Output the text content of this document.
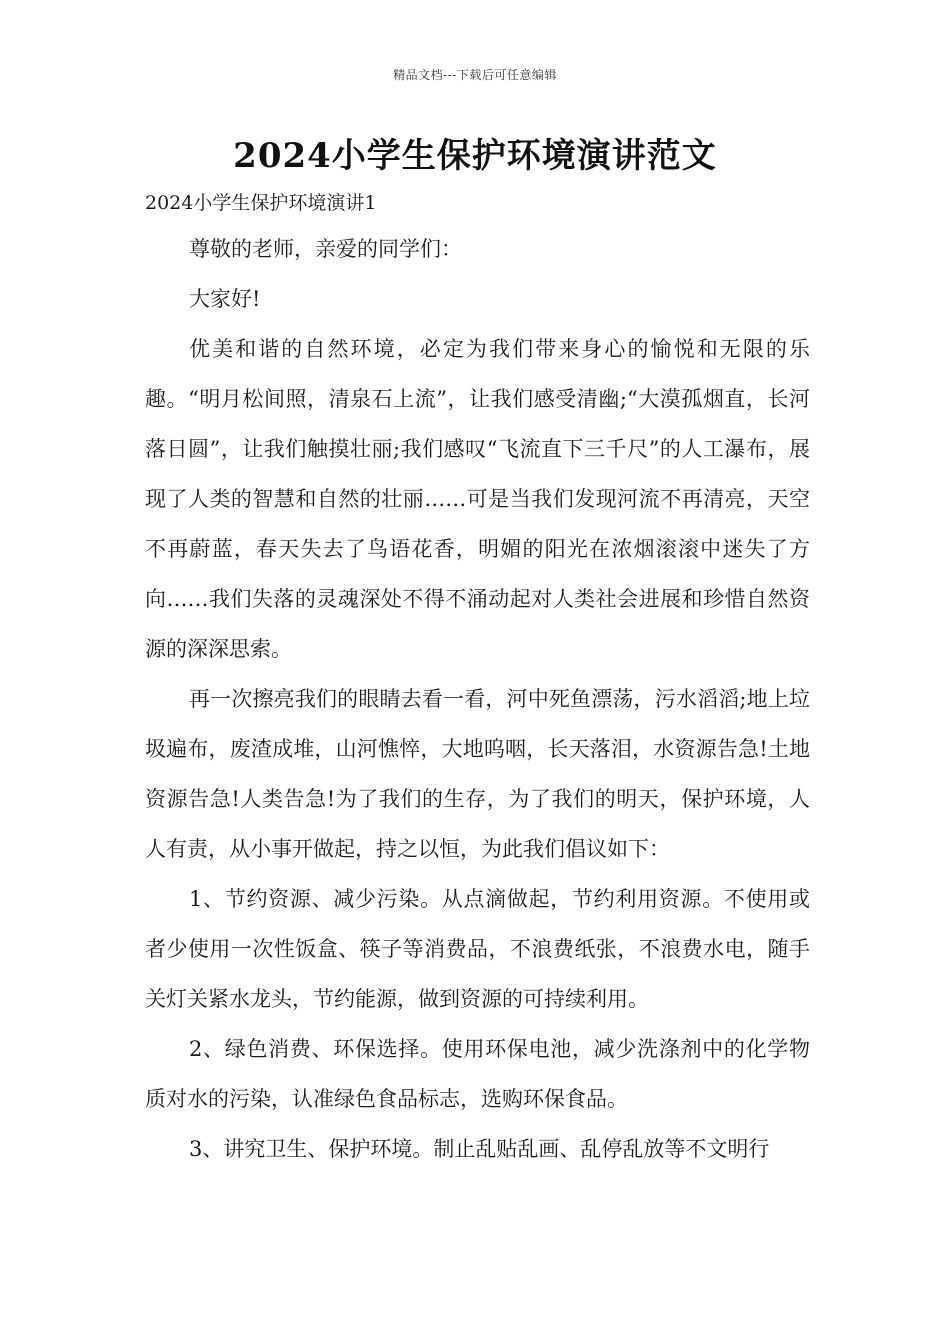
精品文档---下载后可任意编辑
2024小学生保护环境演讲范文
2024小学生保护环境演讲1

尊敬的老师，亲爱的同学们：

大家好!

优美和谐的自然环境，必定为我们带来身心的愉悦和无限的乐趣。“明月松间照，清泉石上流”，让我们感受清幽;“大漠孤烟直，长河落日圆”，让我们触摸壮丽;我们感叹“飞流直下三千尺”的人工瀑布，展现了人类的智慧和自然的壮丽……可是当我们发现河流不再清亮，天空不再蔚蓝，春天失去了鸟语花香，明媚的阳光在浓烟滚滚中迷失了方向……我们失落的灵魂深处不得不涌动起对人类社会进展和珍惜自然资源的深深思索。

再一次擦亮我们的眼睛去看一看，河中死鱼漂荡，污水滔滔;地上垃圾遍布，废渣成堆，山河憔悴，大地呜咽，长天落泪，水资源告急!土地资源告急!人类告急!为了我们的生存，为了我们的明天，保护环境，人人有责，从小事开做起，持之以恒，为此我们倡议如下：

1、节约资源、减少污染。从点滴做起，节约利用资源。不使用或者少使用一次性饭盒、筷子等消费品，不浪费纸张，不浪费水电，随手关灯关紧水龙头，节约能源，做到资源的可持续利用。

2、绿色消费、环保选择。使用环保电池，减少洗涤剂中的化学物质对水的污染，认准绿色食品标志，选购环保食品。

3、讲究卫生、保护环境。制止乱贴乱画、乱停乱放等不文明行
